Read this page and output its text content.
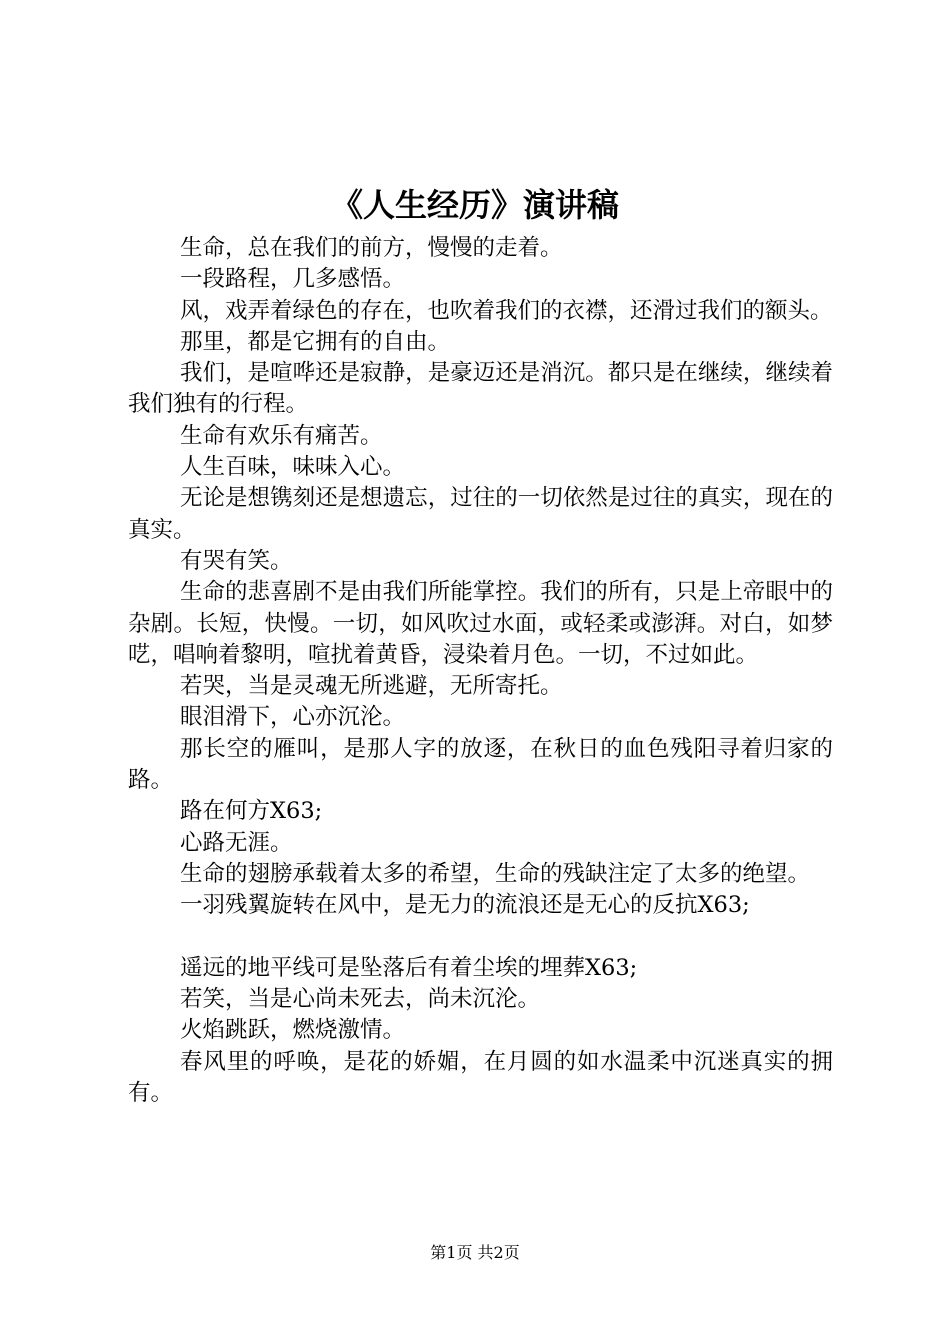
《人生经历》演讲稿

生命，总在我们的前方，慢慢的走着。

一段路程，几多感悟。

风，戏弄着绿色的存在，也吹着我们的衣襟，还滑过我们的额头。

那里，都是它拥有的自由。

我们，是喧哗还是寂静，是豪迈还是消沉。都只是在继续，继续着我们独有的行程。

生命有欢乐有痛苦。

人生百味，味味入心。

无论是想镌刻还是想遗忘，过往的一切依然是过往的真实，现在的真实。

有哭有笑。

生命的悲喜剧不是由我们所能掌控。我们的所有，只是上帝眼中的杂剧。长短，快慢。一切，如风吹过水面，或轻柔或澎湃。对白，如梦呓，唱响着黎明，喧扰着黄昏，浸染着月色。一切，不过如此。

若哭，当是灵魂无所逃避，无所寄托。

眼泪滑下，心亦沉沦。

那长空的雁叫，是那人字的放逐，在秋日的血色残阳寻着归家的路。

路在何方X63;

心路无涯。

生命的翅膀承载着太多的希望，生命的残缺注定了太多的绝望。

一羽残翼旋转在风中，是无力的流浪还是无心的反抗X63;

遥远的地平线可是坠落后有着尘埃的埋葬X63;

若笑，当是心尚未死去，尚未沉沦。

火焰跳跃，燃烧激情。

春风里的呼唤，是花的娇媚，在月圆的如水温柔中沉迷真实的拥有。

第1页 共2页
